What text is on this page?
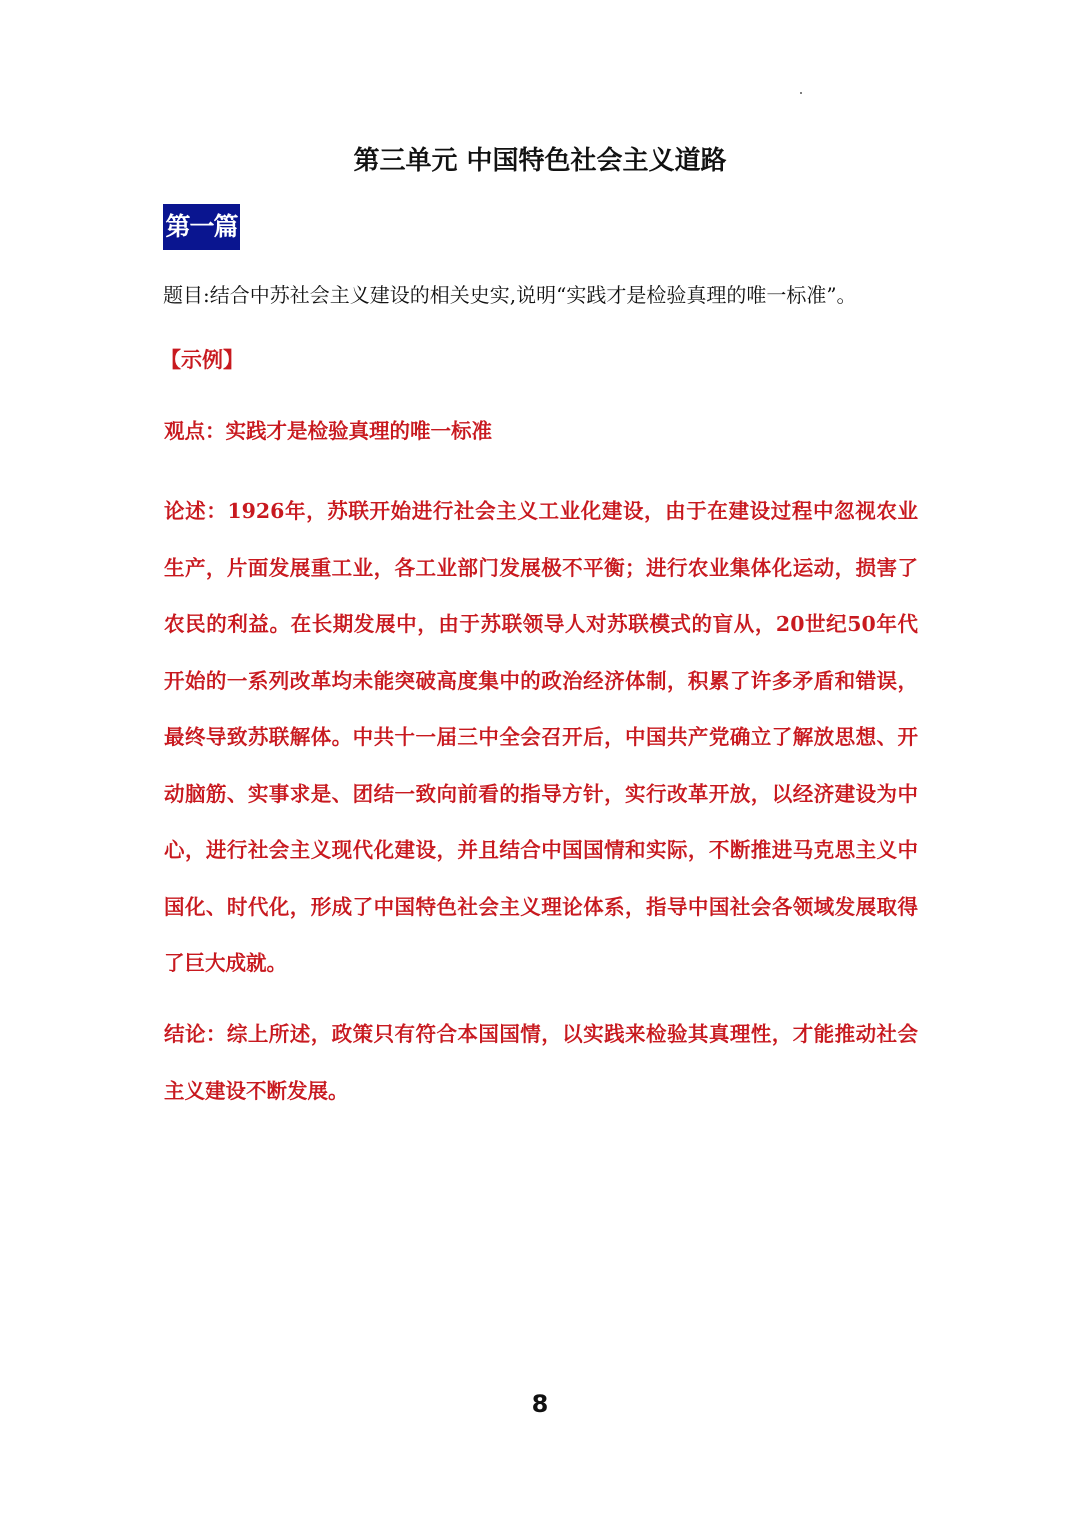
第三单元 中国特色社会主义道路
第一篇
题目:结合中苏社会主义建设的相关史实,说明“实践才是检验真理的唯一标准”。
【示例】
观点：实践才是检验真理的唯一标准
论述：1926年，苏联开始进行社会主义工业化建设，由于在建设过程中忽视农业生产，片面发展重工业，各工业部门发展极不平衡；进行农业集体化运动，损害了农民的利益。在长期发展中，由于苏联领导人对苏联模式的盲从，20世纪50年代开始的一系列改革均未能突破高度集中的政治经济体制，积累了许多矛盾和错误，最终导致苏联解体。中共十一届三中全会召开后，中国共产党确立了解放思想、开动脑筋、实事求是、团结一致向前看的指导方针，实行改革开放，以经济建设为中心，进行社会主义现代化建设，并且结合中国国情和实际，不断推进马克思主义中国化、时代化，形成了中国特色社会主义理论体系，指导中国社会各领域发展取得了巨大成就。
结论：综上所述，政策只有符合本国国情，以实践来检验其真理性，才能推动社会主义建设不断发展。
8
